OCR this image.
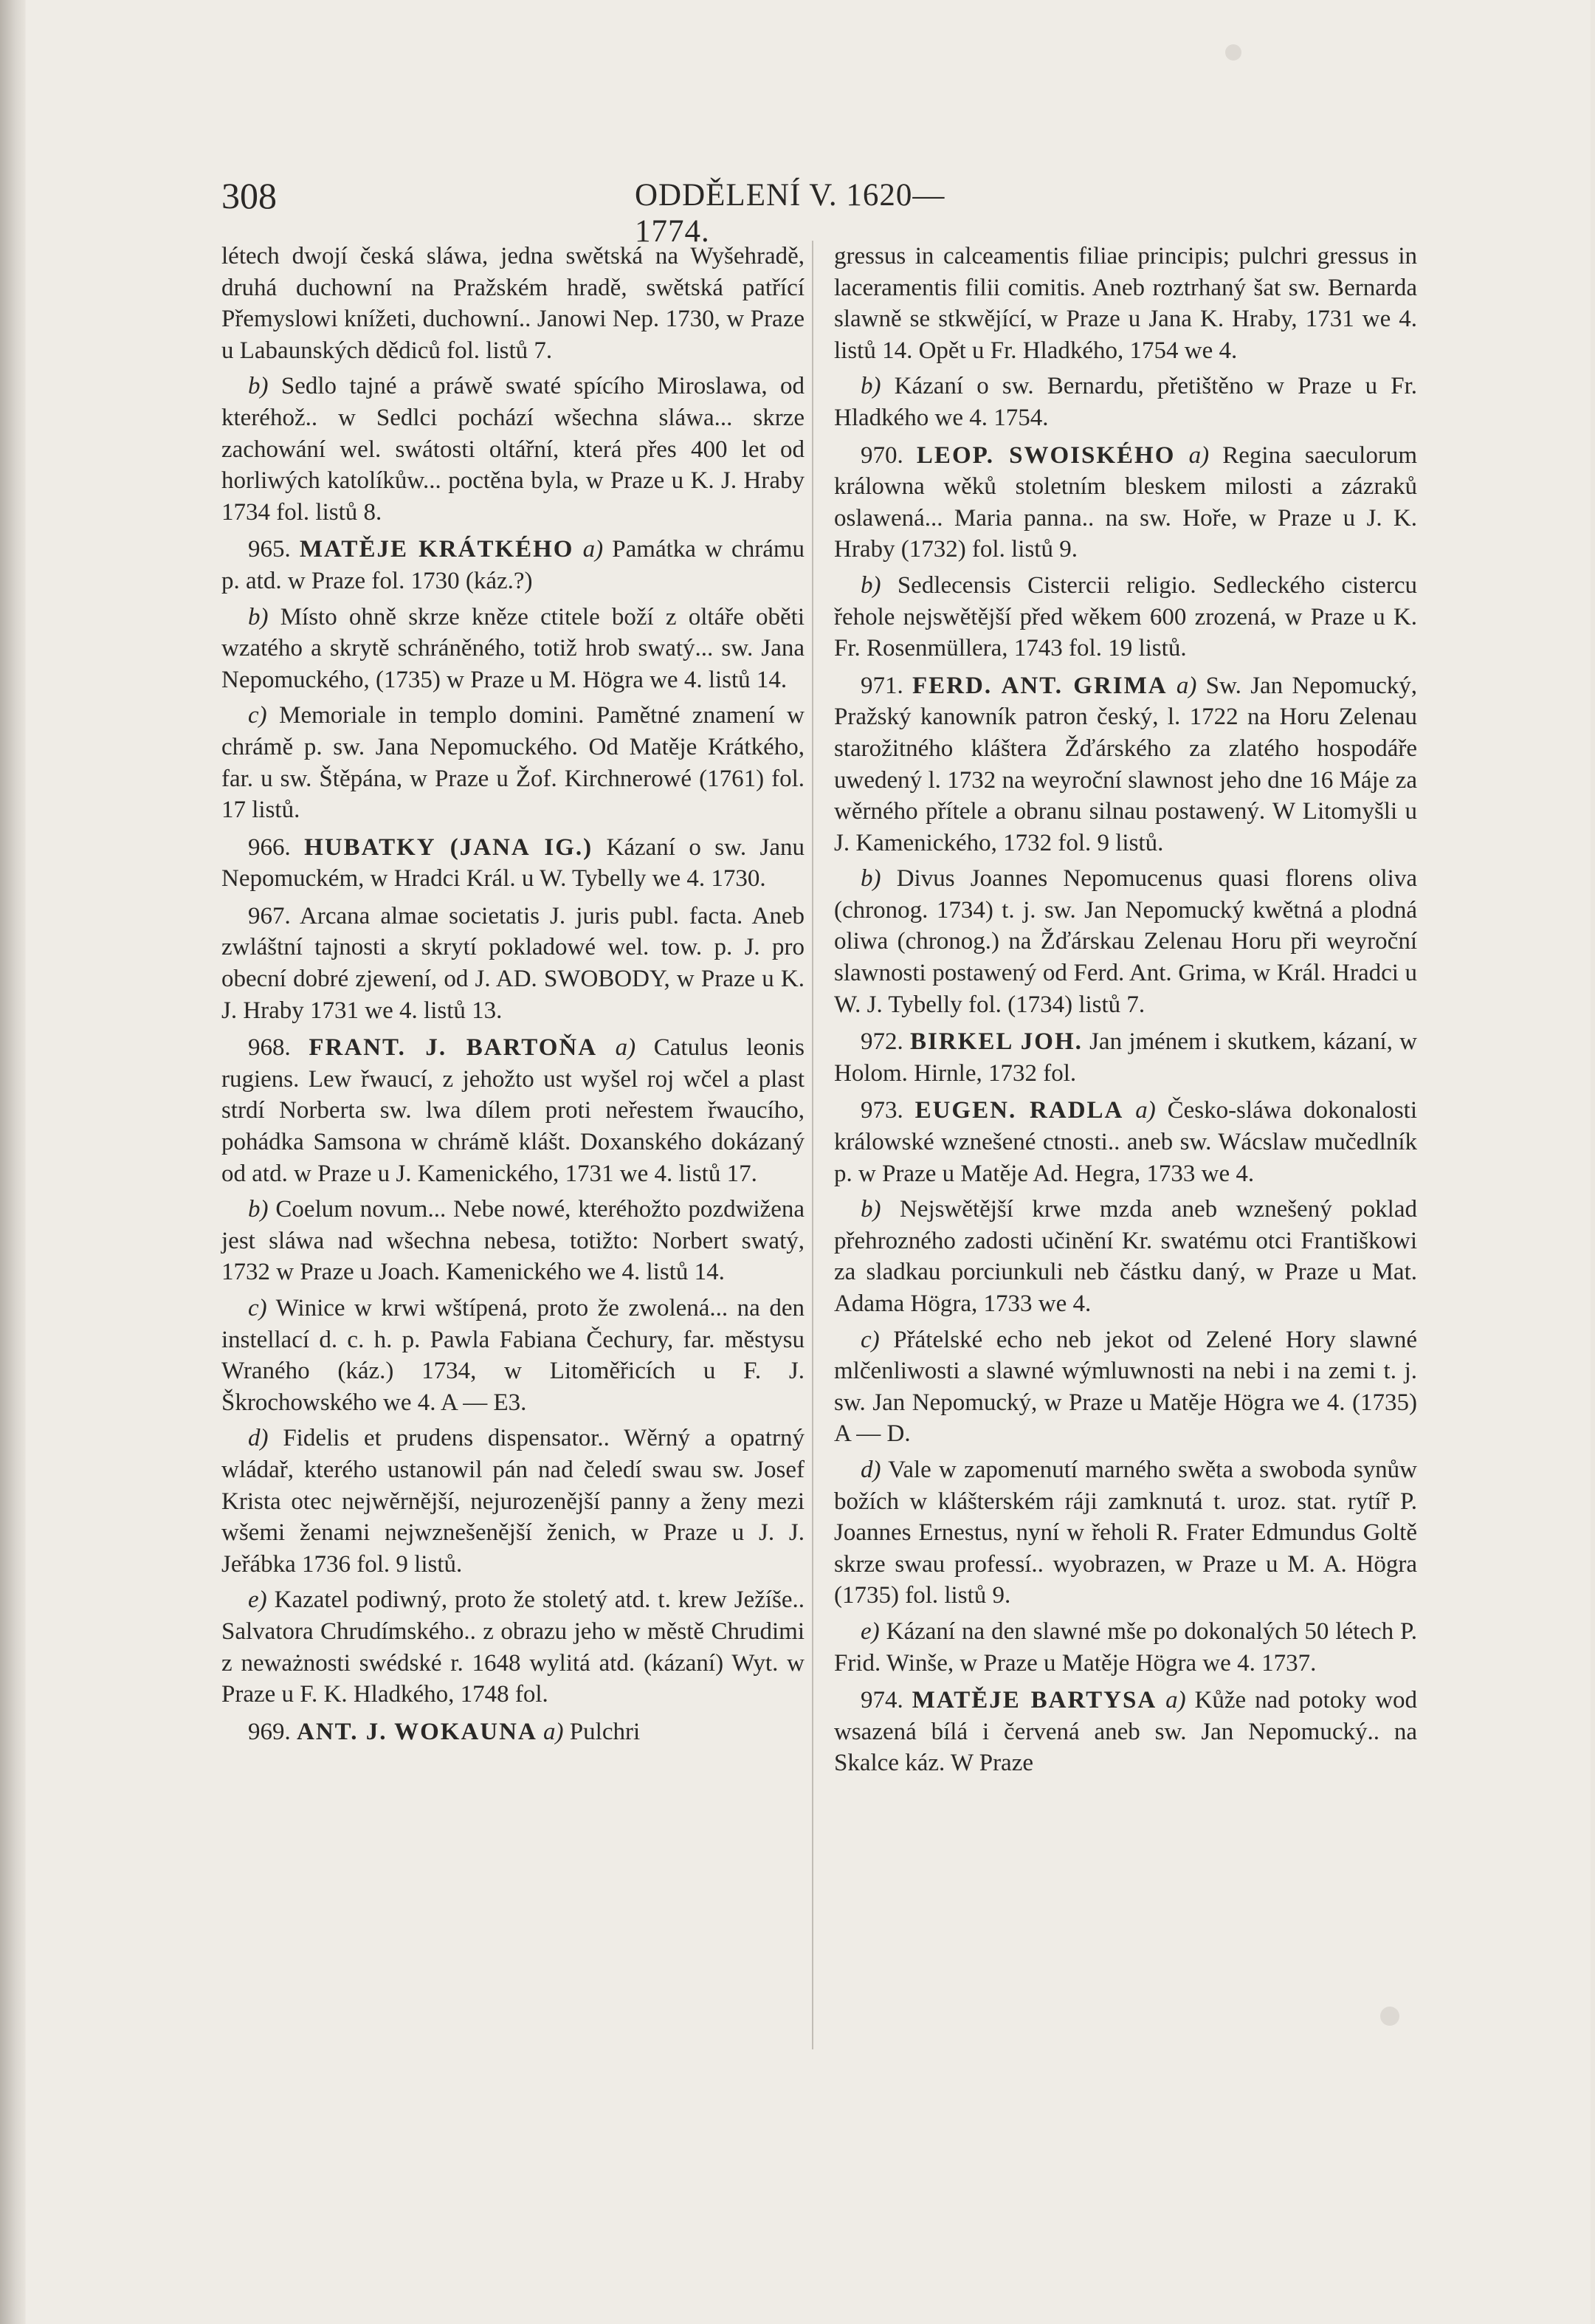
308	ODDĚLENÍ V. 1620—1774.

létech dwojí česká sláwa, jedna swětská na Wyšehradě, druhá duchowní na Pražském hradě, swětská patřící Přemyslowi knížeti, duchowní.. Janowi Nep. 1730, w Praze u Labaunských dědiců fol. listů 7.

b) Sedlo tajné a práwě swaté spícího Miroslawa, od kteréhož.. w Sedlci pochází wšechna sláwa... skrze zachowání wel. swátosti oltářní, která přes 400 let od horliwých katolíkůw... poctěna byla, w Praze u K. J. Hraby 1734 fol. listů 8.

965. MATĚJE KRÁTKÉHO a) Památka w chrámu p. atd. w Praze fol. 1730 (káz.?)

b) Místo ohně skrze kněze ctitele boží z oltáře oběti wzatého a skrytě schráněného, totiž hrob swatý... sw. Jana Nepomuckého, (1735) w Praze u M. Högra we 4. listů 14.

c) Memoriale in templo domini. Pamětné znamení w chrámě p. sw. Jana Nepomuckého. Od Matěje Krátkého, far. u sw. Štěpána, w Praze u Žof. Kirchnerowé (1761) fol. 17 listů.

966. HUBATKY (JANA IG.) Kázaní o sw. Janu Nepomuckém, w Hradci Král. u W. Tybelly we 4. 1730.

967. Arcana almae societatis J. juris publ. facta. Aneb zwláštní tajnosti a skrytí pokladowé wel. tow. p. J. pro obecní dobré zjewení, od J. AD. SWOBODY, w Praze u K. J. Hraby 1731 we 4. listů 13.

968. FRANT. J. BARTOŇA a) Catulus leonis rugiens. Lew řwaucí, z jehožto ust wyšel roj wčel a plast strdí Norberta sw. lwa dílem proti neřestem řwaucího, pohádka Samsona w chrámě klášt. Doxanského dokázaný od atd. w Praze u J. Kamenického, 1731 we 4. listů 17.

b) Coelum novum... Nebe nowé, kteréhožto pozdwižena jest sláwa nad wšechna nebesa, totižto: Norbert swatý, 1732 w Praze u Joach. Kamenického we 4. listů 14.

c) Winice w krwi wštípená, proto že zwolená... na den instellací d. c. h. p. Pawla Fabiana Čechury, far. městysu Wraného (káz.) 1734, w Litoměřicích u F. J. Škrochowského we 4. A — E3.

d) Fidelis et prudens dispensator.. Wěrný a opatrný wládař, kterého ustanowil pán nad čeledí swau sw. Josef Krista otec nejwěrnější, nejurozenější panny a ženy mezi wšemi ženami nejwznešenější ženich, w Praze u J. J. Jeřábka 1736 fol. 9 listů.

e) Kazatel podiwný, proto že stoletý atd. t. krew Ježíše.. Salvatora Chrudímského.. z obrazu jeho w městě Chrudimi z neważnosti swédské r. 1648 wylitá atd. (kázaní) Wyt. w Praze u F. K. Hladkého, 1748 fol.

969. ANT. J. WOKAUNA a) Pulchri

gressus in calceamentis filiae principis; pulchri gressus in laceramentis filii comitis. Aneb roztrhaný šat sw. Bernarda slawně se stkwějící, w Praze u Jana K. Hraby, 1731 we 4. listů 14. Opět u Fr. Hladkého, 1754 we 4.

b) Kázaní o sw. Bernardu, přetištěno w Praze u Fr. Hladkého we 4. 1754.

970. LEOP. SWOISKÉHO a) Regina saeculorum králowna wěků stoletním bleskem milosti a zázraků oslawená... Maria panna.. na sw. Hoře, w Praze u J. K. Hraby (1732) fol. listů 9.

b) Sedlecensis Cistercii religio. Sedleckého cistercu řehole nejswětější před wěkem 600 zrozená, w Praze u K. Fr. Rosenmüllera, 1743 fol. 19 listů.

971. FERD. ANT. GRIMA a) Sw. Jan Nepomucký, Pražský kanowník patron český, l. 1722 na Horu Zelenau starožitného kláštera Žďárského za zlatého hospodáře uwedený l. 1732 na weyroční slawnost jeho dne 16 Máje za wěrného přítele a obranu silnau postawený. W Litomyšli u J. Kamenického, 1732 fol. 9 listů.

b) Divus Joannes Nepomucenus quasi florens oliva (chronog. 1734) t. j. sw. Jan Nepomucký kwětná a plodná oliwa (chronog.) na Žďárskau Zelenau Horu při weyroční slawnosti postawený od Ferd. Ant. Grima, w Král. Hradci u W. J. Tybelly fol. (1734) listů 7.

972. BIRKEL JOH. Jan jménem i skutkem, kázaní, w Holom. Hirnle, 1732 fol.

973. EUGEN. RADLA a) Česko-sláwa dokonalosti králowské wznešené ctnosti.. aneb sw. Wácslaw mučedlník p. w Praze u Matěje Ad. Hegra, 1733 we 4.

b) Nejswětější krwe mzda aneb wznešený poklad přehrozného zadosti učinění Kr. swatému otci Františkowi za sladkau porciunkuli neb částku daný, w Praze u Mat. Adama Högra, 1733 we 4.

c) Přátelské echo neb jekot od Zelené Hory slawné mlčenliwosti a slawné wýmluwnosti na nebi i na zemi t. j. sw. Jan Nepomucký, w Praze u Matěje Högra we 4. (1735) A — D.

d) Vale w zapomenutí marného swěta a swoboda synůw božích w klášterském ráji zamknutá t. uroz. stat. rytíř P. Joannes Ernestus, nyní w řeholi R. Frater Edmundus Goltě skrze swau professí.. wyobrazen, w Praze u M. A. Högra (1735) fol. listů 9.

e) Kázaní na den slawné mše po dokonalých 50 létech P. Frid. Winše, w Praze u Matěje Högra we 4. 1737.

974. MATĚJE BARTYSA a) Kůže nad potoky wod wsazená bílá i červená aneb sw. Jan Nepomucký.. na Skalce káz. W Praze
